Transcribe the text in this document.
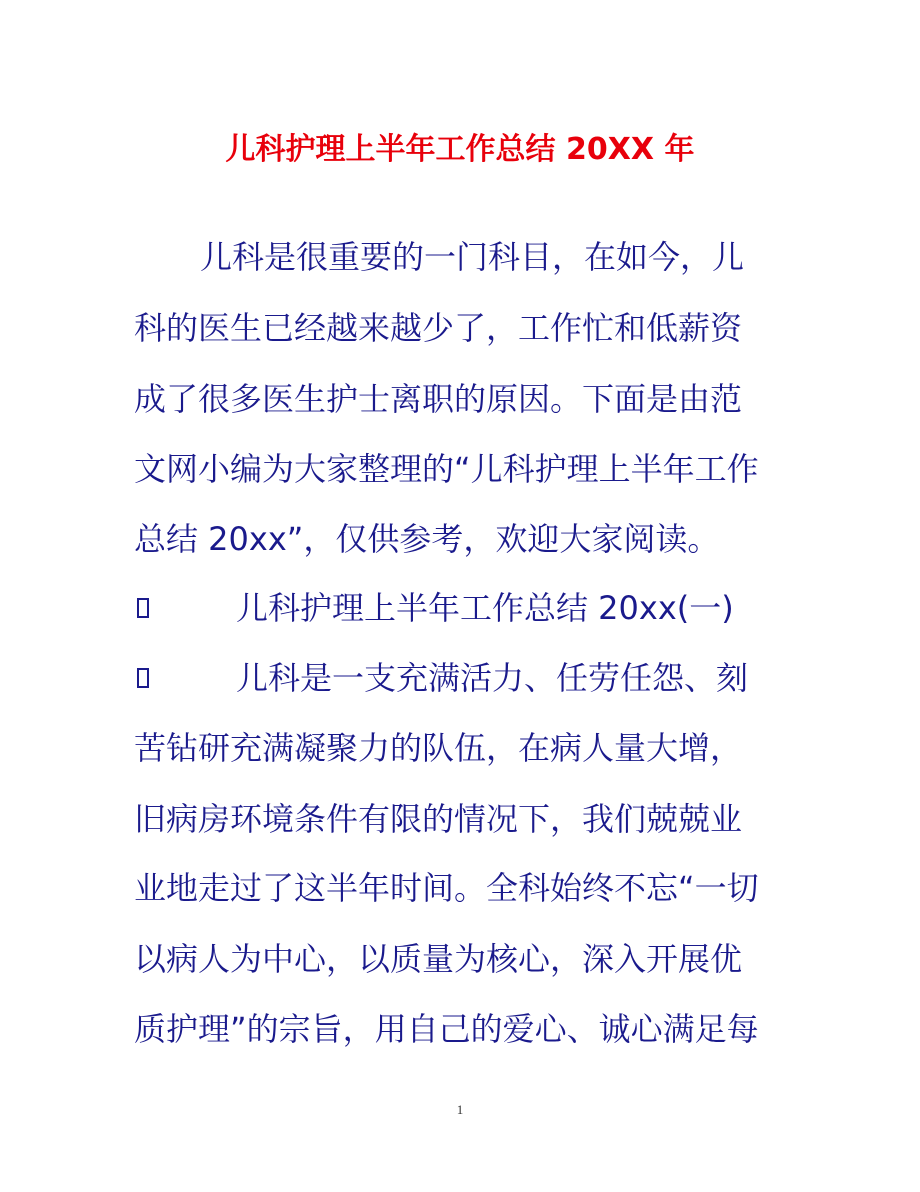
儿科护理上半年工作总结 20XX 年
儿科是很重要的一门科目，在如今，儿
科的医生已经越来越少了，工作忙和低薪资
成了很多医生护士离职的原因。下面是由范
文网小编为大家整理的“儿科护理上半年工作
总结 20xx”，仅供参考，欢迎大家阅读。
儿科护理上半年工作总结 20xx(一)
儿科是一支充满活力、任劳任怨、刻
苦钻研充满凝聚力的队伍，在病人量大增，
旧病房环境条件有限的情况下，我们兢兢业
业地走过了这半年时间。全科始终不忘“一切
以病人为中心，以质量为核心，深入开展优
质护理”的宗旨，用自己的爱心、诚心满足每
1
